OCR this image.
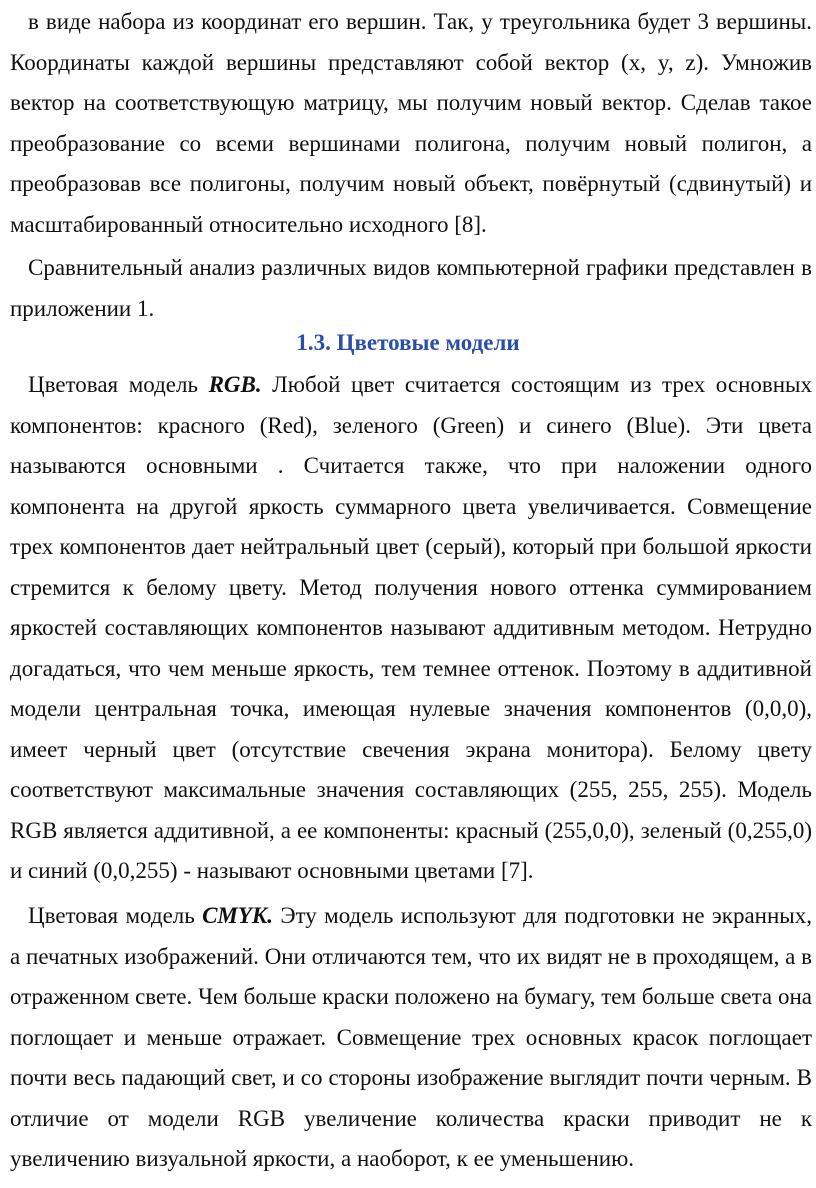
в виде набора из координат его вершин. Так, у треугольника будет 3 вершины. Координаты каждой вершины представляют собой вектор (x, y, z). Умножив вектор на соответствующую матрицу, мы получим новый вектор. Сделав такое преобразование со всеми вершинами полигона, получим новый полигон, а преобразовав все полигоны, получим новый объект, повёрнутый (сдвинутый) и масштабированный относительно исходного [8].

Сравнительный анализ различных видов компьютерной графики представлен в приложении 1.

1.3. Цветовые модели

Цветовая модель RGB. Любой цвет считается состоящим из трех основных компонентов: красного (Red), зеленого (Green) и синего (Blue). Эти цвета называются основными . Считается также, что при наложении одного компонента на другой яркость суммарного цвета увеличивается. Совмещение трех компонентов дает нейтральный цвет (серый), который при большой яркости стремится к белому цвету. Метод получения нового оттенка суммированием яркостей составляющих компонентов называют аддитивным методом. Нетрудно догадаться, что чем меньше яркость, тем темнее оттенок. Поэтому в аддитивной модели центральная точка, имеющая нулевые значения компонентов (0,0,0), имеет черный цвет (отсутствие свечения экрана монитора). Белому цвету соответствуют максимальные значения составляющих (255, 255, 255). Модель RGB является аддитивной, а ее компоненты: красный (255,0,0), зеленый (0,255,0) и синий (0,0,255) - называют основными цветами [7].

Цветовая модель CMYK. Эту модель используют для подготовки не экранных, а печатных изображений. Они отличаются тем, что их видят не в проходящем, а в отраженном свете. Чем больше краски положено на бумагу, тем больше света она поглощает и меньше отражает. Совмещение трех основных красок поглощает почти весь падающий свет, и со стороны изображение выглядит почти черным. В отличие от модели RGB увеличение количества краски приводит не к увеличению визуальной яркости, а наоборот, к ее уменьшению.
